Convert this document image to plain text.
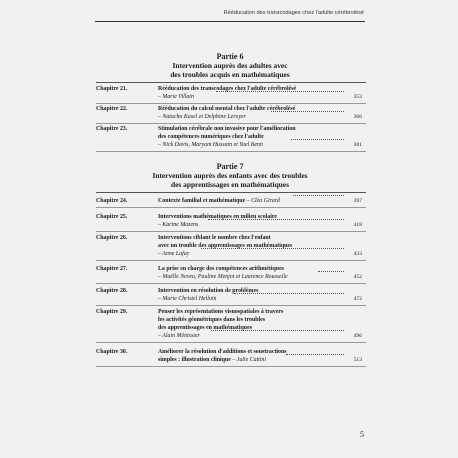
Rééducation des transcodages chez l'adulte cérébrolésé
Partie 6
Intervention auprès des adultes avec
des troubles acquis en mathématiques
Chapitre 21.	Rééducation des transcodages chez l'adulte cérébrolésé
– Marie Villain	353
Chapitre 22.	Rééducation du calcul mental chez l'adulte cérébrolésé
– Natacha Kasel et Delphine Leroyer	366
Chapitre 23.	Stimulation cérébrale non invasive pour l'amélioration
des compétences numériques chez l'adulte
– Nick Davis, Maryam Hussain et Yael Benn	381
Partie 7
Intervention auprès des enfants avec des troubles
des apprentissages en mathématiques
Chapitre 24.	Contexte familial et mathématique – Cléa Girard	397
Chapitre 25.	Interventions mathématiques en milieu scolaire
– Karine Mazens	418
Chapitre 26.	Interventions ciblant le nombre chez l'enfant
avec un trouble des apprentissages en mathématiques
– Anne Lafay	433
Chapitre 27.	La prise en charge des compétences arithmétiques
– Maëlle Neveu, Pauline Menjot et Laurence Rousselle	452
Chapitre 28.	Intervention en résolution de problèmes
– Marie Christel Helloin	472
Chapitre 29.	Penser les représentations visuospatiales à travers
les activités géométriques dans les troubles
des apprentissages en mathématiques
– Alain Ménissier	496
Chapitre 30.	Améliorer la résolution d'additions et soustractions
simples : illustration clinique – Julie Cattini	513
5
